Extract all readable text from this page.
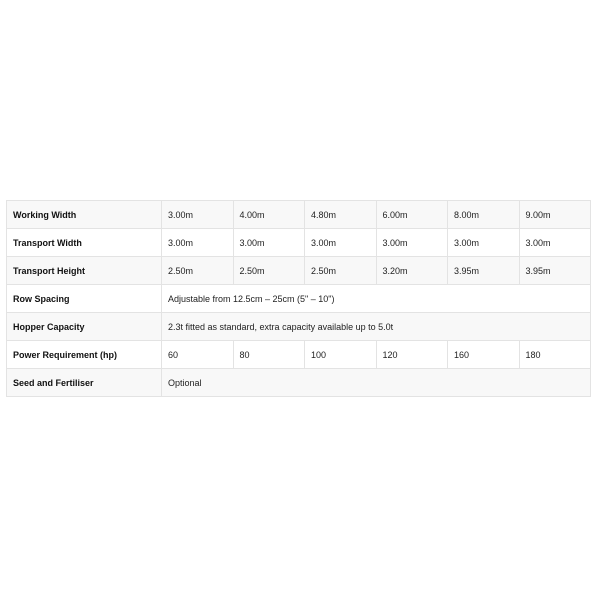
Working Width	3.00m	4.00m	4.80m	6.00m	8.00m	9.00m
Transport Width	3.00m	3.00m	3.00m	3.00m	3.00m	3.00m
Transport Height	2.50m	2.50m	2.50m	3.20m	3.95m	3.95m
Row Spacing	Adjustable from 12.5cm – 25cm (5" – 10")					
Hopper Capacity	2.3t fitted as standard, extra capacity available up to 5.0t					
Power Requirement (hp)	60	80	100	120	160	180
Seed and Fertiliser	Optional					
